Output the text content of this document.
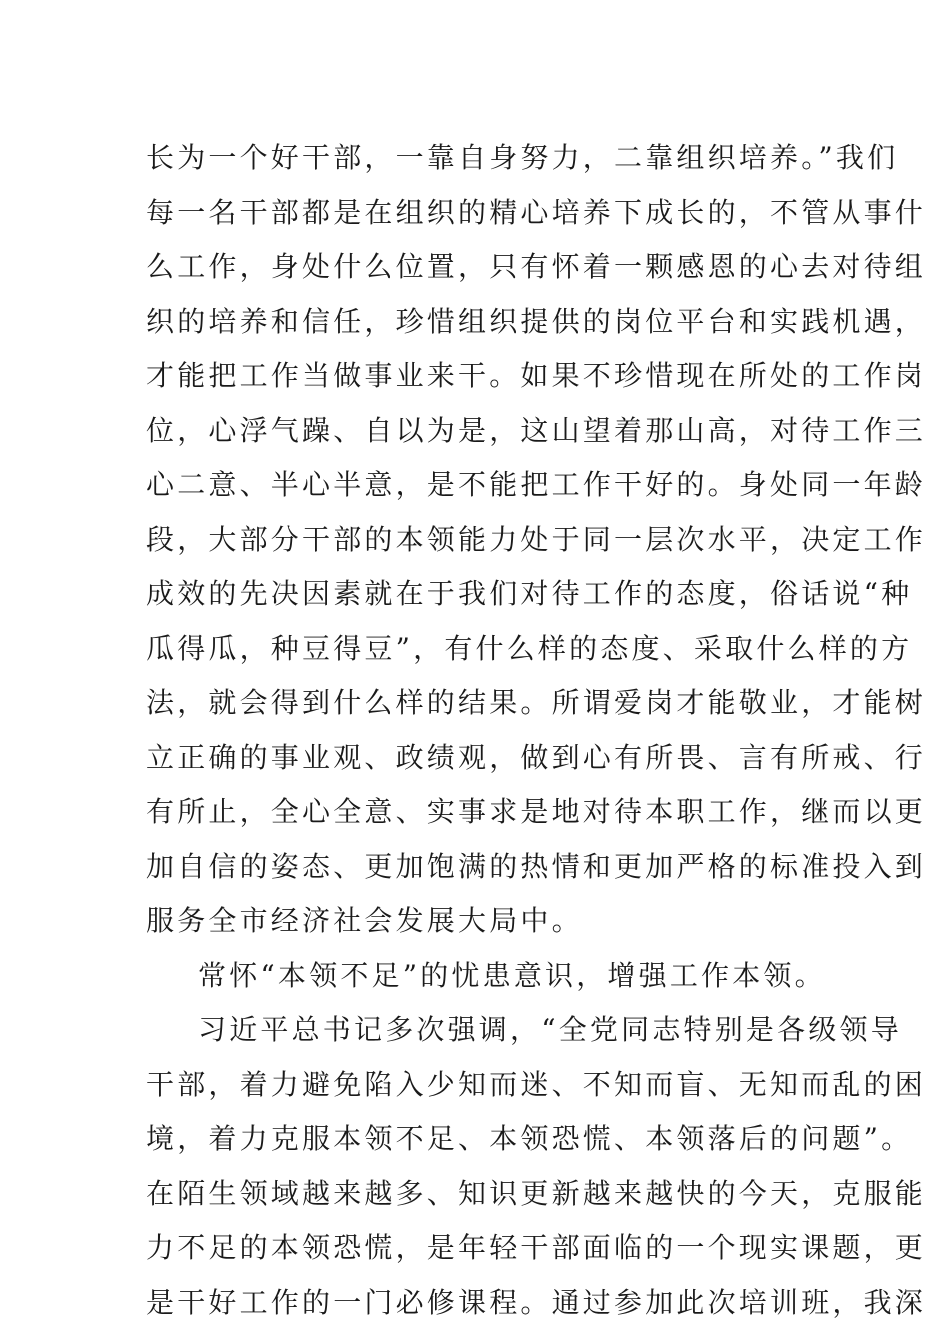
长为一个好干部，一靠自身努力，二靠组织培养。”我们
每一名干部都是在组织的精心培养下成长的，不管从事什
么工作，身处什么位置，只有怀着一颗感恩的心去对待组
织的培养和信任，珍惜组织提供的岗位平台和实践机遇，
才能把工作当做事业来干。如果不珍惜现在所处的工作岗
位，心浮气躁、自以为是，这山望着那山高，对待工作三
心二意、半心半意，是不能把工作干好的。身处同一年龄
段，大部分干部的本领能力处于同一层次水平，决定工作
成效的先决因素就在于我们对待工作的态度，俗话说“种
瓜得瓜，种豆得豆”，有什么样的态度、采取什么样的方
法，就会得到什么样的结果。所谓爱岗才能敬业，才能树
立正确的事业观、政绩观，做到心有所畏、言有所戒、行
有所止，全心全意、实事求是地对待本职工作，继而以更
加自信的姿态、更加饱满的热情和更加严格的标准投入到
服务全市经济社会发展大局中。
常怀“本领不足”的忧患意识，增强工作本领。
习近平总书记多次强调，“全党同志特别是各级领导
干部，着力避免陷入少知而迷、不知而盲、无知而乱的困
境，着力克服本领不足、本领恐慌、本领落后的问题”。
在陌生领域越来越多、知识更新越来越快的今天，克服能
力不足的本领恐慌，是年轻干部面临的一个现实课题，更
是干好工作的一门必修课程。通过参加此次培训班，我深
